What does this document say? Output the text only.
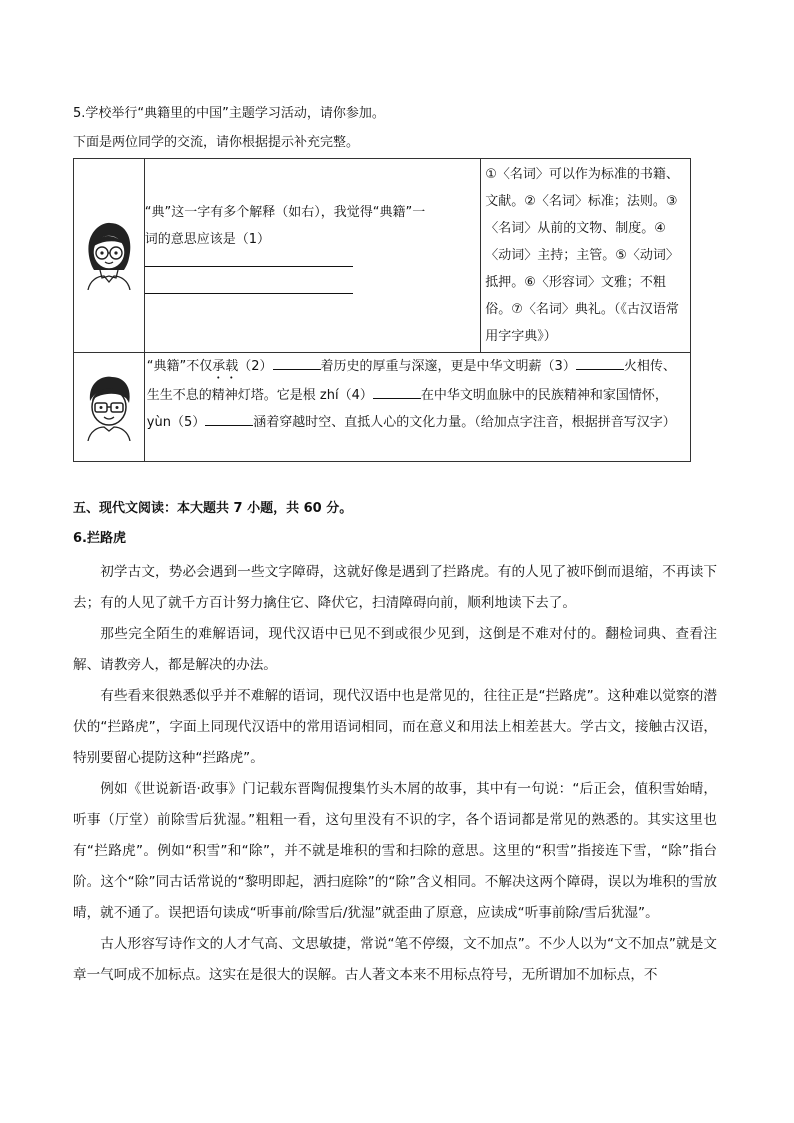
5.学校举行“典籍里的中国”主题学习活动，请你参加。
下面是两位同学的交流，请你根据提示补充完整。

“典”这一字有多个解释（如右），我觉得“典籍”一
词的意思应该是（1）	①〈名词〉可以作为标准的书籍、文献。②〈名词〉标准；法则。③〈名词〉从前的文物、制度。④〈动词〉主持；主管。⑤〈动词〉抵押。⑥〈形容词〉文雅；不粗俗。⑦〈名词〉典礼。（《古汉语常用字字典》）
	“典籍”不仅承载（2） 着历史的厚重与深邃，更是中华文明薪（3） 火相传、生生不息的精神灯塔。它是根 zhí（4） 在中华文明血脉中的民族精神和家国情怀，yùn（5） 涵着穿越时空、直抵人心的文化力量。（给加点字注音，根据拼音写汉字）	
五、现代文阅读：本大题共 7 小题，共 60 分。
6.拦路虎

初学古文，势必会遇到一些文字障碍，这就好像是遇到了拦路虎。有的人见了被吓倒而退缩，不再读下去；有的人见了就千方百计努力擒住它、降伏它，扫清障碍向前，顺利地读下去了。

那些完全陌生的难解语词，现代汉语中已见不到或很少见到，这倒是不难对付的。翻检词典、查看注解、请教旁人，都是解决的办法。

有些看来很熟悉似乎并不难解的语词，现代汉语中也是常见的，往往正是“拦路虎”。这种难以觉察的潜伏的“拦路虎”，字面上同现代汉语中的常用语词相同，而在意义和用法上相差甚大。学古文，接触古汉语，特别要留心提防这种“拦路虎”。

例如《世说新语·政事》门记载东晋陶侃搜集竹头木屑的故事，其中有一句说：“后正会，值积雪始晴，听事（厅堂）前除雪后犹湿。”粗粗一看，这句里没有不识的字，各个语词都是常见的熟悉的。其实这里也有“拦路虎”。例如“积雪”和“除”，并不就是堆积的雪和扫除的意思。这里的“积雪”指接连下雪，“除”指台阶。这个“除”同古话常说的“黎明即起，洒扫庭除”的“除”含义相同。不解决这两个障碍，误以为堆积的雪放晴，就不通了。误把语句读成“听事前/除雪后/犹湿”就歪曲了原意，应读成“听事前除/雪后犹湿”。

古人形容写诗作文的人才气高、文思敏捷，常说“笔不停缀，文不加点”。不少人以为“文不加点”就是文章一气呵成不加标点。这实在是很大的误解。古人著文本来不用标点符号，无所谓加不加标点，不
